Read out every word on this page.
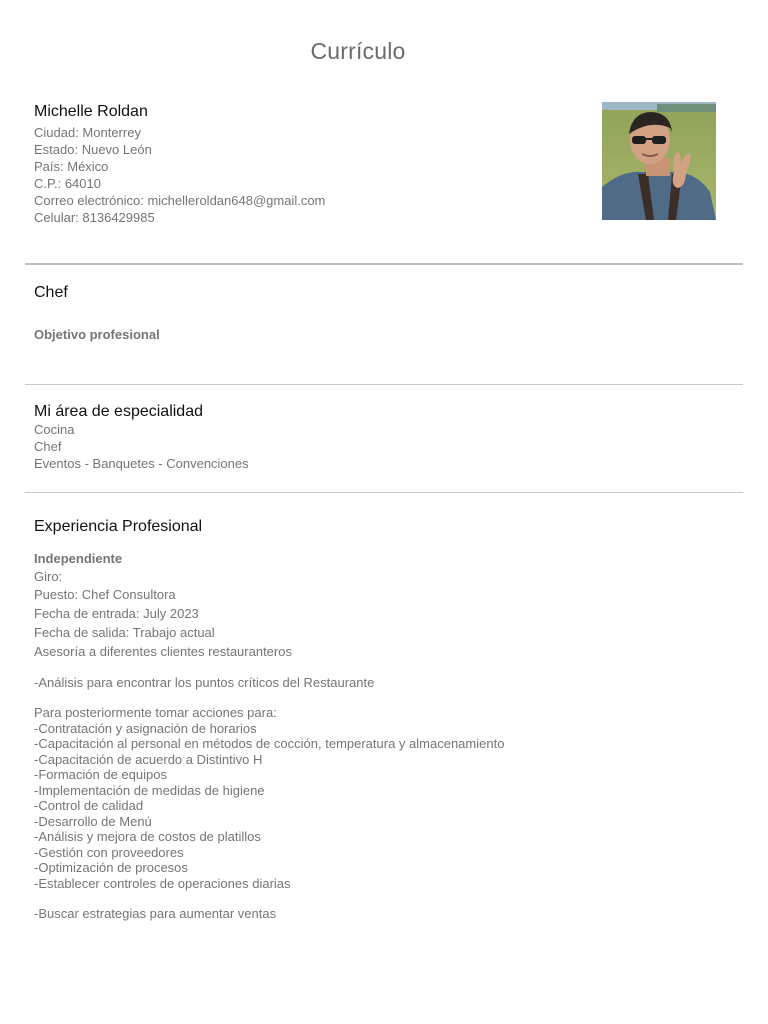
Currículo
Michelle Roldan
Ciudad: Monterrey
Estado: Nuevo León
País: México
C.P.: 64010
Correo electrónico: michelleroldan648@gmail.com
Celular: 8136429985
Chef
Objetivo profesional
Mi área de especialidad
Cocina
Chef
Eventos - Banquetes - Convenciones
Experiencia Profesional
Independiente
Giro:
Puesto: Chef Consultora
Fecha de entrada: July 2023
Fecha de salida: Trabajo actual
Asesoría a diferentes clientes restauranteros
-Análisis para encontrar los puntos críticos del Restaurante
Para posteriormente tomar acciones para:
-Contratación y asignación de horarios
-Capacitación al personal en métodos de cocción, temperatura y almacenamiento
-Capacitación de acuerdo a Distintivo H
-Formación de equipos
-Implementación de medidas de higiene
-Control de calidad
-Desarrollo de Menú
-Análisis y mejora de costos de platillos
-Gestión con proveedores
-Optimización de procesos
-Establecer controles de operaciones diarias
-Buscar estrategias para aumentar ventas
